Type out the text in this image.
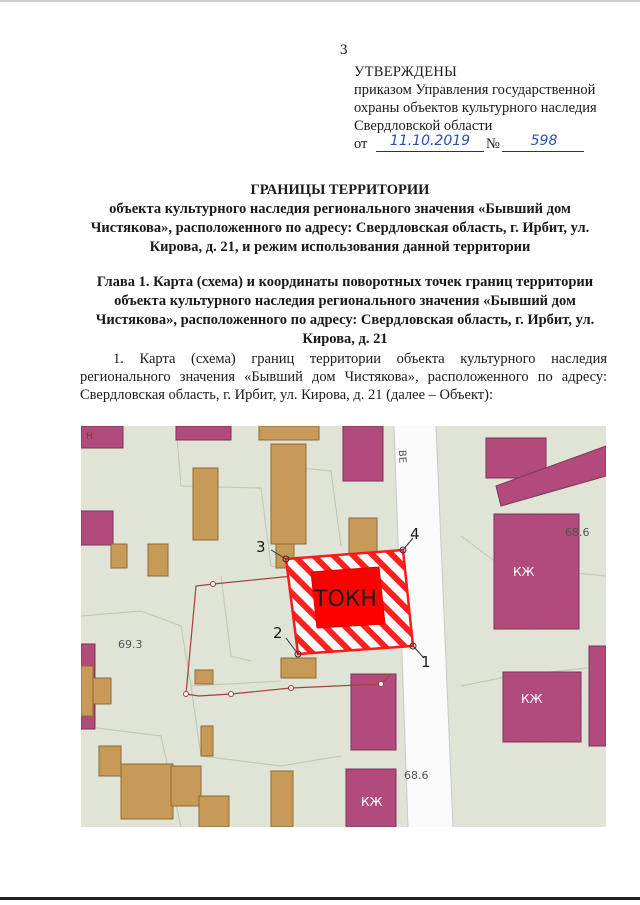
3
УТВЕРЖДЕНЫ
приказом Управления государственной
охраны объектов культурного наследия
Свердловской области
от	11.10.2019	№	598
ГРАНИЦЫ ТЕРРИТОРИИ
объекта культурного наследия регионального значения «Бывший дом Чистякова», расположенного по адресу: Свердловская область, г. Ирбит, ул. Кирова, д. 21, и режим использования данной территории
Глава 1. Карта (схема) и координаты поворотных точек границ территории объекта культурного наследия регионального значения «Бывший дом Чистякова», расположенного по адресу: Свердловская область, г. Ирбит, ул. Кирова, д. 21
1. Карта (схема) границ территории объекта культурного наследия регионального значения «Бывший дом Чистякова», расположенного по адресу: Свердловская область, г. Ирбит, ул. Кирова, д. 21 (далее – Объект):
ВЕ
Н
КЖ
КЖ
КЖ
69.3
68.6
68.6
ТОКН
1
2
3
4
